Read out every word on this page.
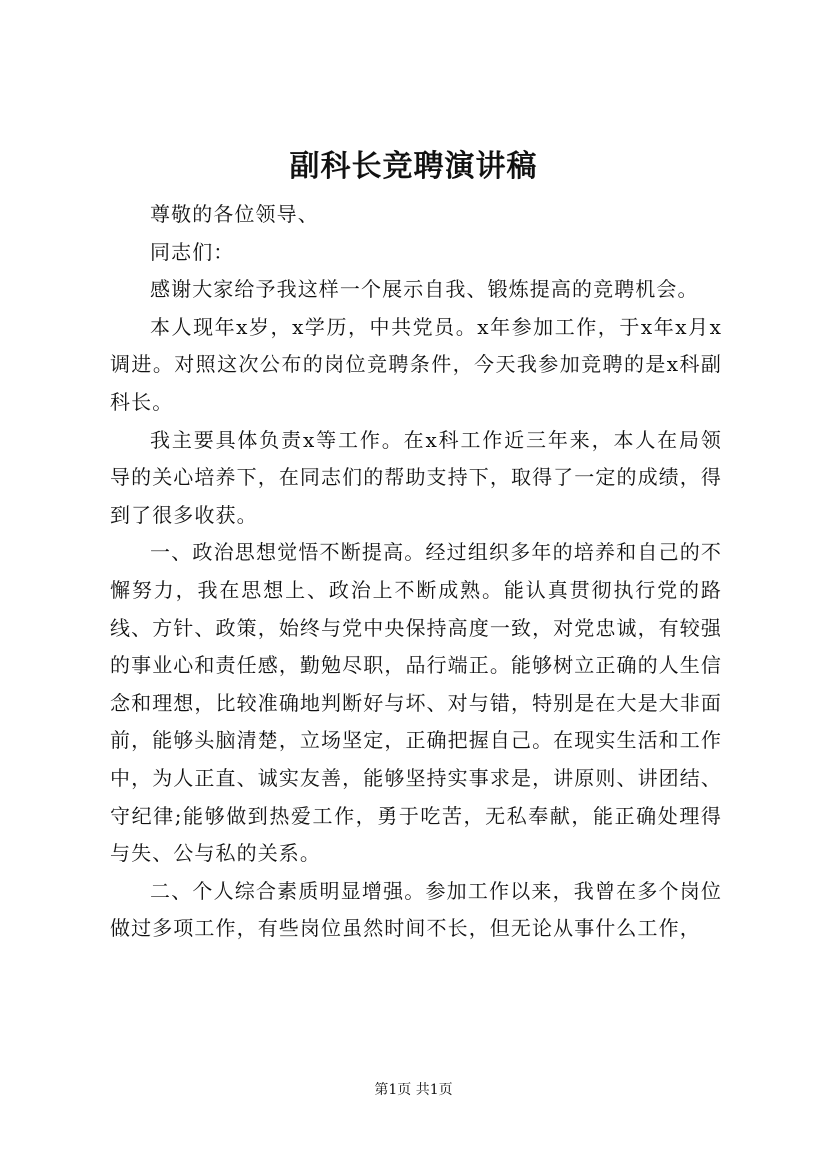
副科长竞聘演讲稿

尊敬的各位领导、

同志们：

感谢大家给予我这样一个展示自我、锻炼提高的竞聘机会。

本人现年x岁，x学历，中共党员。x年参加工作，于x年x月x调进。对照这次公布的岗位竞聘条件，今天我参加竞聘的是x科副科长。

我主要具体负责x等工作。在x科工作近三年来，本人在局领导的关心培养下，在同志们的帮助支持下，取得了一定的成绩，得到了很多收获。

一、政治思想觉悟不断提高。经过组织多年的培养和自己的不懈努力，我在思想上、政治上不断成熟。能认真贯彻执行党的路线、方针、政策，始终与党中央保持高度一致，对党忠诚，有较强的事业心和责任感，勤勉尽职，品行端正。能够树立正确的人生信念和理想，比较准确地判断好与坏、对与错，特别是在大是大非面前，能够头脑清楚，立场坚定，正确把握自己。在现实生活和工作中，为人正直、诚实友善，能够坚持实事求是，讲原则、讲团结、守纪律;能够做到热爱工作，勇于吃苦，无私奉献，能正确处理得与失、公与私的关系。

二、个人综合素质明显增强。参加工作以来，我曾在多个岗位做过多项工作，有些岗位虽然时间不长，但无论从事什么工作，

第1页 共1页
